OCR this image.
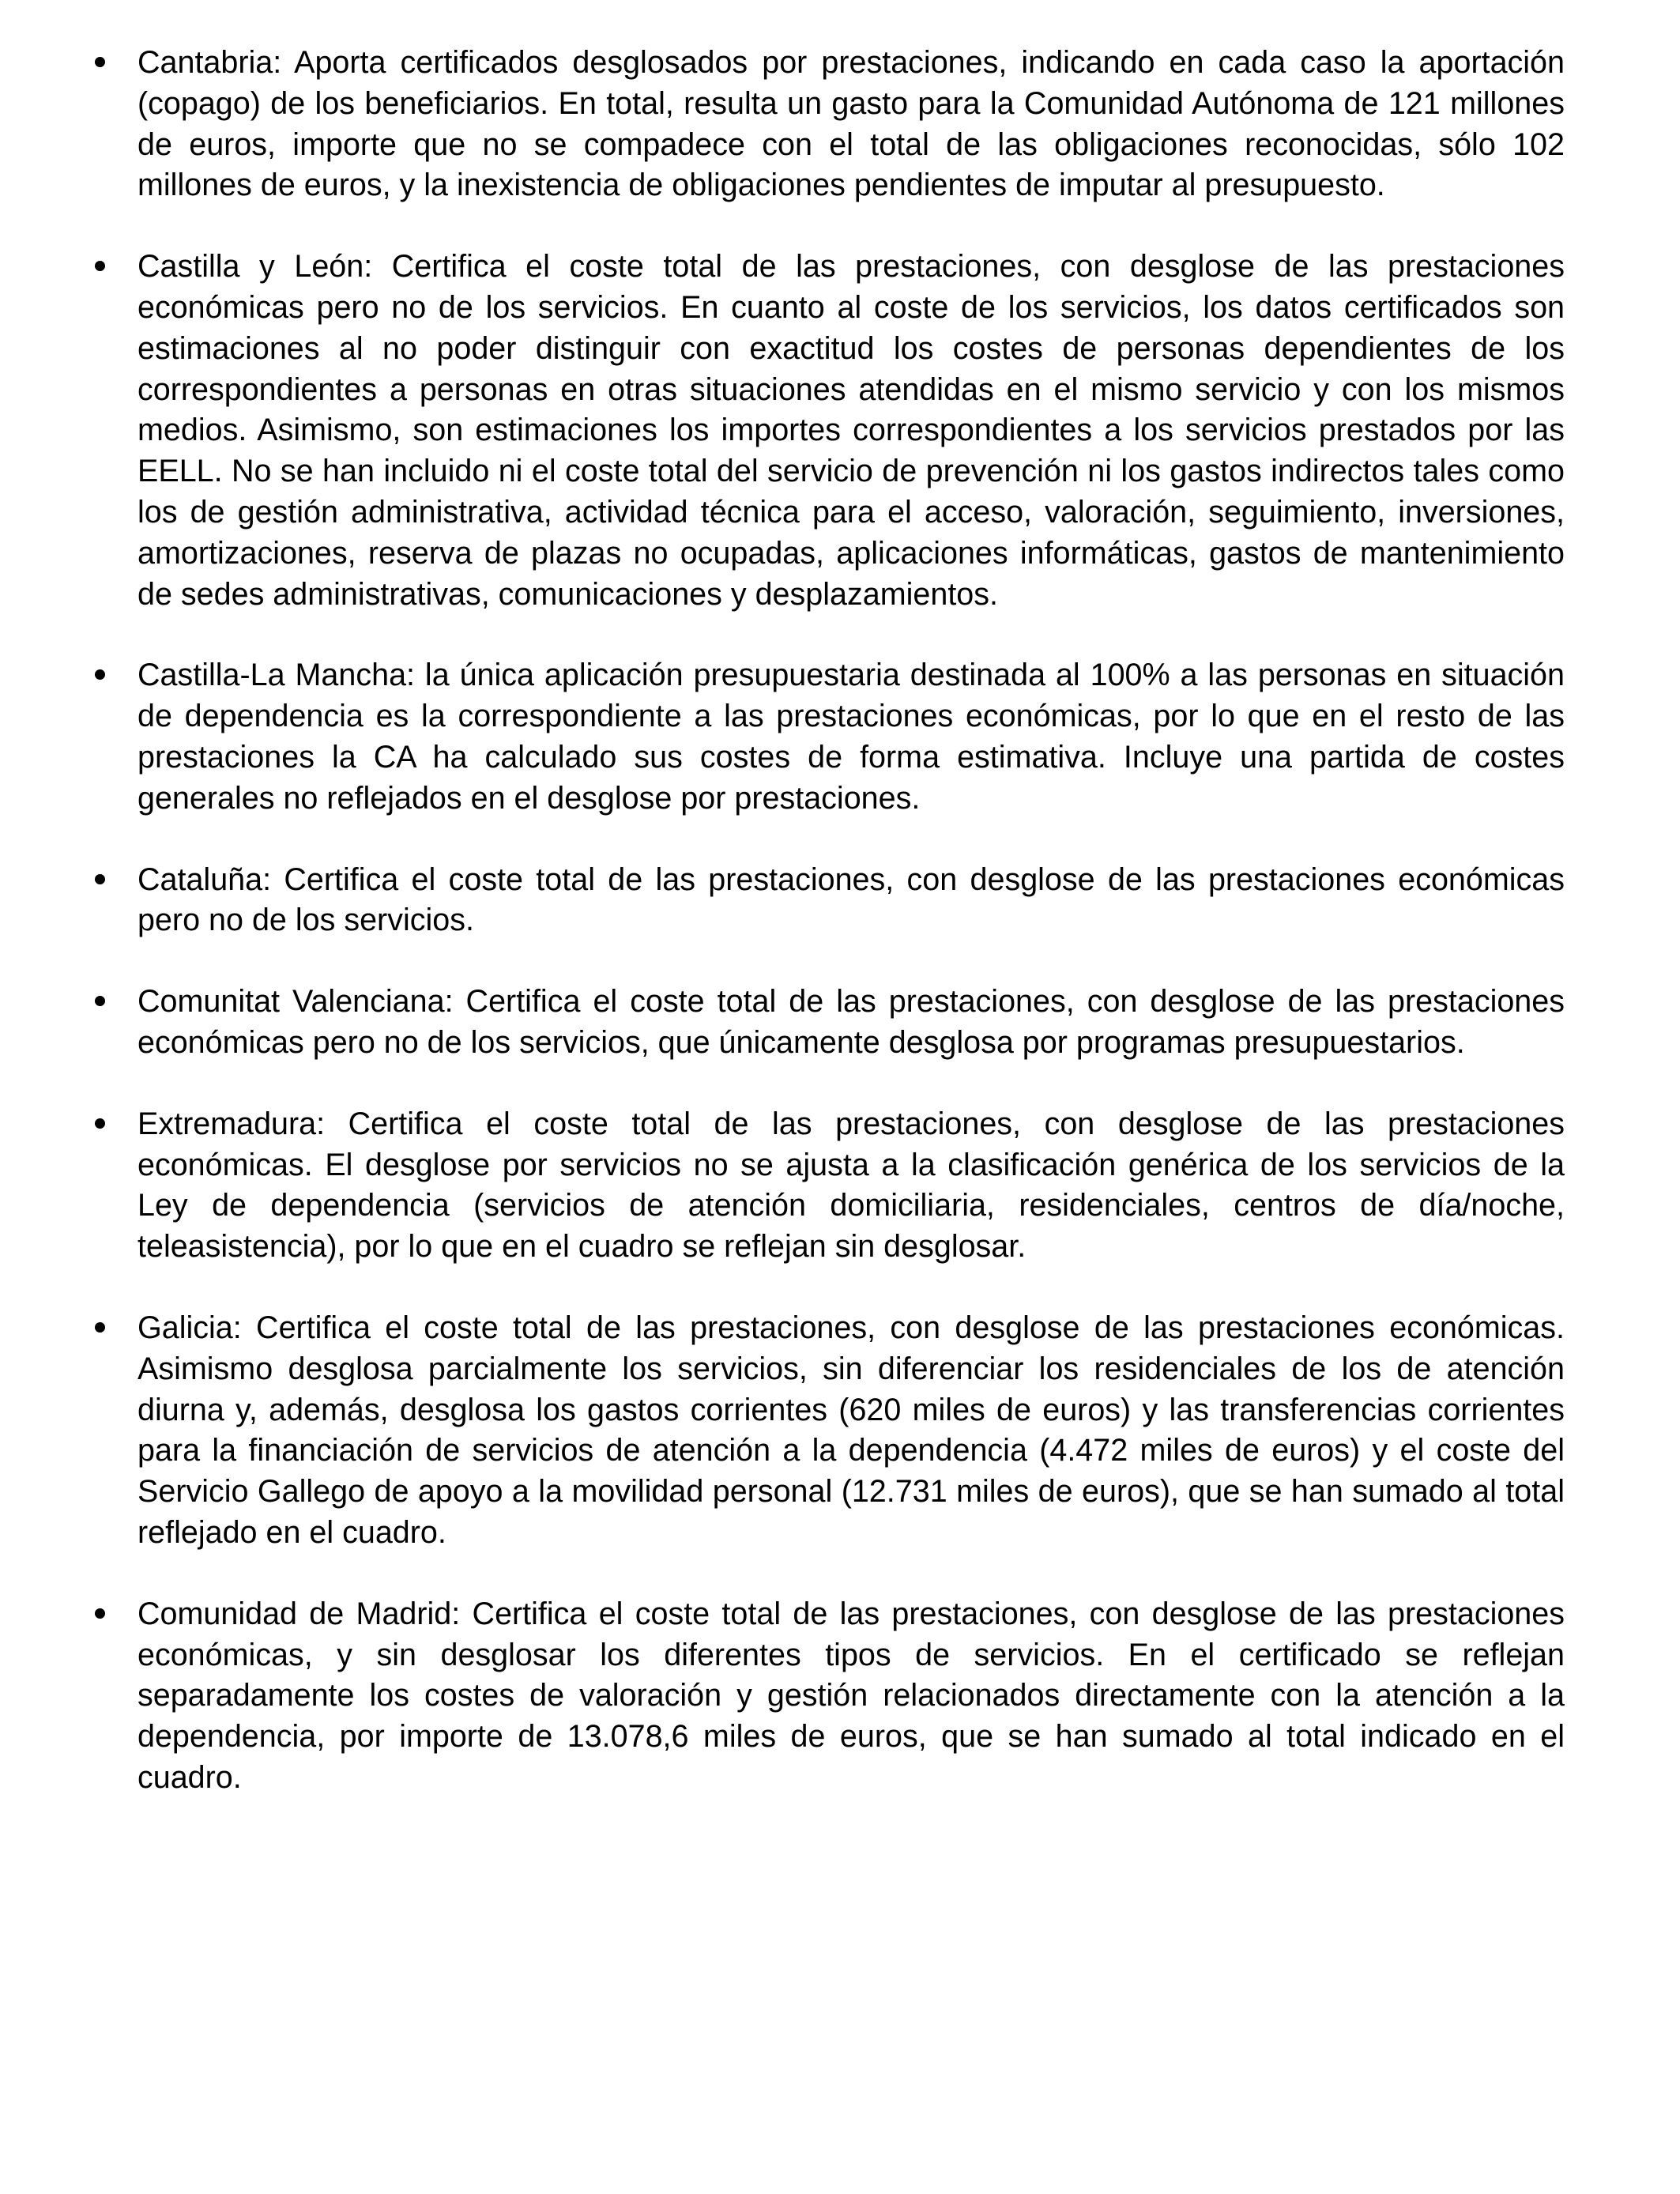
Cantabria: Aporta certificados desglosados por prestaciones, indicando en cada caso la aportación (copago) de los beneficiarios. En total, resulta un gasto para la Comunidad Autónoma de 121 millones de euros, importe que no se compadece con el total de las obligaciones reconocidas, sólo 102 millones de euros, y la inexistencia de obligaciones pendientes de imputar al presupuesto.
Castilla y León: Certifica el coste total de las prestaciones, con desglose de las prestaciones económicas pero no de los servicios. En cuanto al coste de los servicios, los datos certificados son estimaciones al no poder distinguir con exactitud los costes de personas dependientes de los correspondientes a personas en otras situaciones atendidas en el mismo servicio y con los mismos medios. Asimismo, son estimaciones los importes correspondientes a los servicios prestados por las EELL. No se han incluido ni el coste total del servicio de prevención ni los gastos indirectos tales como los de gestión administrativa, actividad técnica para el acceso, valoración, seguimiento, inversiones, amortizaciones, reserva de plazas no ocupadas, aplicaciones informáticas, gastos de mantenimiento de sedes administrativas, comunicaciones y desplazamientos.
Castilla-La Mancha: la única aplicación presupuestaria destinada al 100% a las personas en situación de dependencia es la correspondiente a las prestaciones económicas, por lo que en el resto de las prestaciones la CA ha calculado sus costes de forma estimativa. Incluye una partida de costes generales no reflejados en el desglose por prestaciones.
Cataluña: Certifica el coste total de las prestaciones, con desglose de las prestaciones económicas pero no de los servicios.
Comunitat Valenciana: Certifica el coste total de las prestaciones, con desglose de las prestaciones económicas pero no de los servicios, que únicamente desglosa por programas presupuestarios.
Extremadura: Certifica el coste total de las prestaciones, con desglose de las prestaciones económicas. El desglose por servicios no se ajusta a la clasificación genérica de los servicios de la Ley de dependencia (servicios de atención domiciliaria, residenciales, centros de día/noche, teleasistencia), por lo que en el cuadro se reflejan sin desglosar.
Galicia: Certifica el coste total de las prestaciones, con desglose de las prestaciones económicas. Asimismo desglosa parcialmente los servicios, sin diferenciar los residenciales de los de atención diurna y, además, desglosa los gastos corrientes (620 miles de euros) y las transferencias corrientes para la financiación de servicios de atención a la dependencia (4.472 miles de euros) y el coste del Servicio Gallego de apoyo a la movilidad personal (12.731 miles de euros), que se han sumado al total reflejado en el cuadro.
Comunidad de Madrid: Certifica el coste total de las prestaciones, con desglose de las prestaciones económicas, y sin desglosar los diferentes tipos de servicios. En el certificado se reflejan separadamente los costes de valoración y gestión relacionados directamente con la atención a la dependencia, por importe de 13.078,6 miles de euros, que se han sumado al total indicado en el cuadro.
